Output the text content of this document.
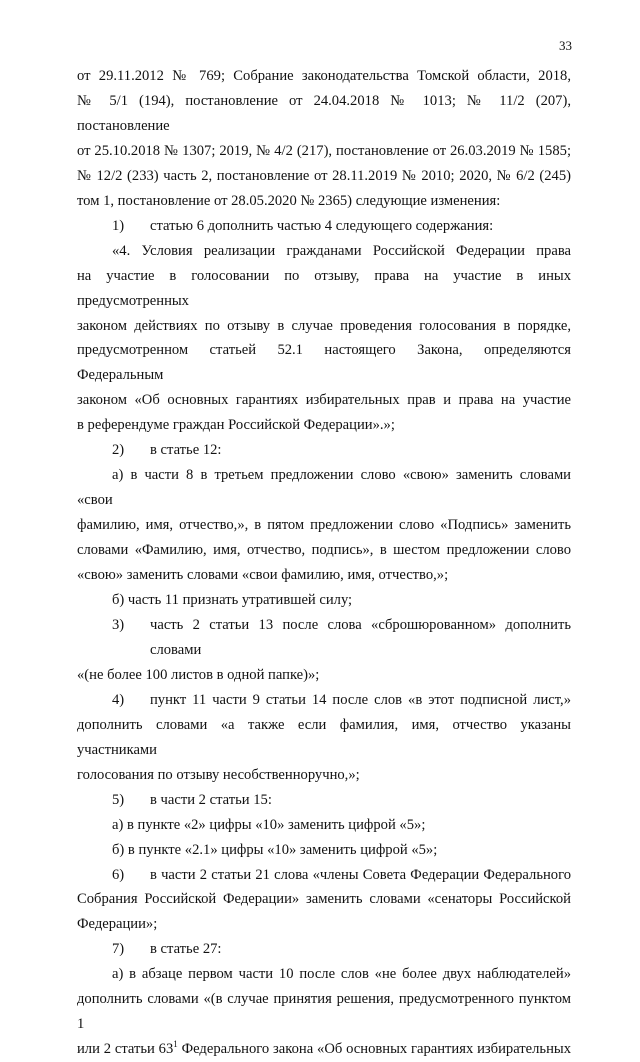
33

от 29.11.2012 № 769; Собрание законодательства Томской области, 2018,

№ 5/1 (194), постановление от 24.04.2018 № 1013; № 11/2 (207), постановление

от 25.10.2018 № 1307; 2019, № 4/2 (217), постановление от 26.03.2019 № 1585;

№ 12/2 (233) часть 2, постановление от 28.11.2019 № 2010; 2020, № 6/2 (245)

том 1, постановление от 28.05.2020 № 2365) следующие изменения:

1)	статью 6 дополнить частью 4 следующего содержания:

«4. Условия реализации гражданами Российской Федерации права

на участие в голосовании по отзыву, права на участие в иных предусмотренных

законом действиях по отзыву в случае проведения голосования в порядке,

предусмотренном статьей 52.1 настоящего Закона, определяются Федеральным

законом «Об основных гарантиях избирательных прав и права на участие

в референдуме граждан Российской Федерации».»;

2)	в статье 12:

а) в части 8 в третьем предложении слово «свою» заменить словами «свои

фамилию, имя, отчество,», в пятом предложении слово «Подпись» заменить

словами «Фамилию, имя, отчество, подпись», в шестом предложении слово

«свою» заменить словами «свои фамилию, имя, отчество,»;

б) часть 11 признать утратившей силу;

3)	часть 2 статьи 13 после слова «сброшюрованном» дополнить словами

«(не более 100 листов в одной папке)»;

4)	пункт 11 части 9 статьи 14 после слов «в этот подписной лист,»

дополнить словами «а также если фамилия, имя, отчество указаны участниками

голосования по отзыву несобственноручно,»;

5)	в части 2 статьи 15:

а) в пункте «2» цифры «10» заменить цифрой «5»;

б) в пункте «2.1» цифры «10» заменить цифрой «5»;

6)	в части 2 статьи 21 слова «члены Совета Федерации Федерального

Собрания Российской Федерации» заменить словами «сенаторы Российской

Федерации»;

7)	в статье 27:

а) в абзаце первом части 10 после слов «не более двух наблюдателей»

дополнить словами «(в случае принятия решения, предусмотренного пунктом 1

или 2 статьи $63^1$ Федерального закона «Об основных гарантиях избирательных
